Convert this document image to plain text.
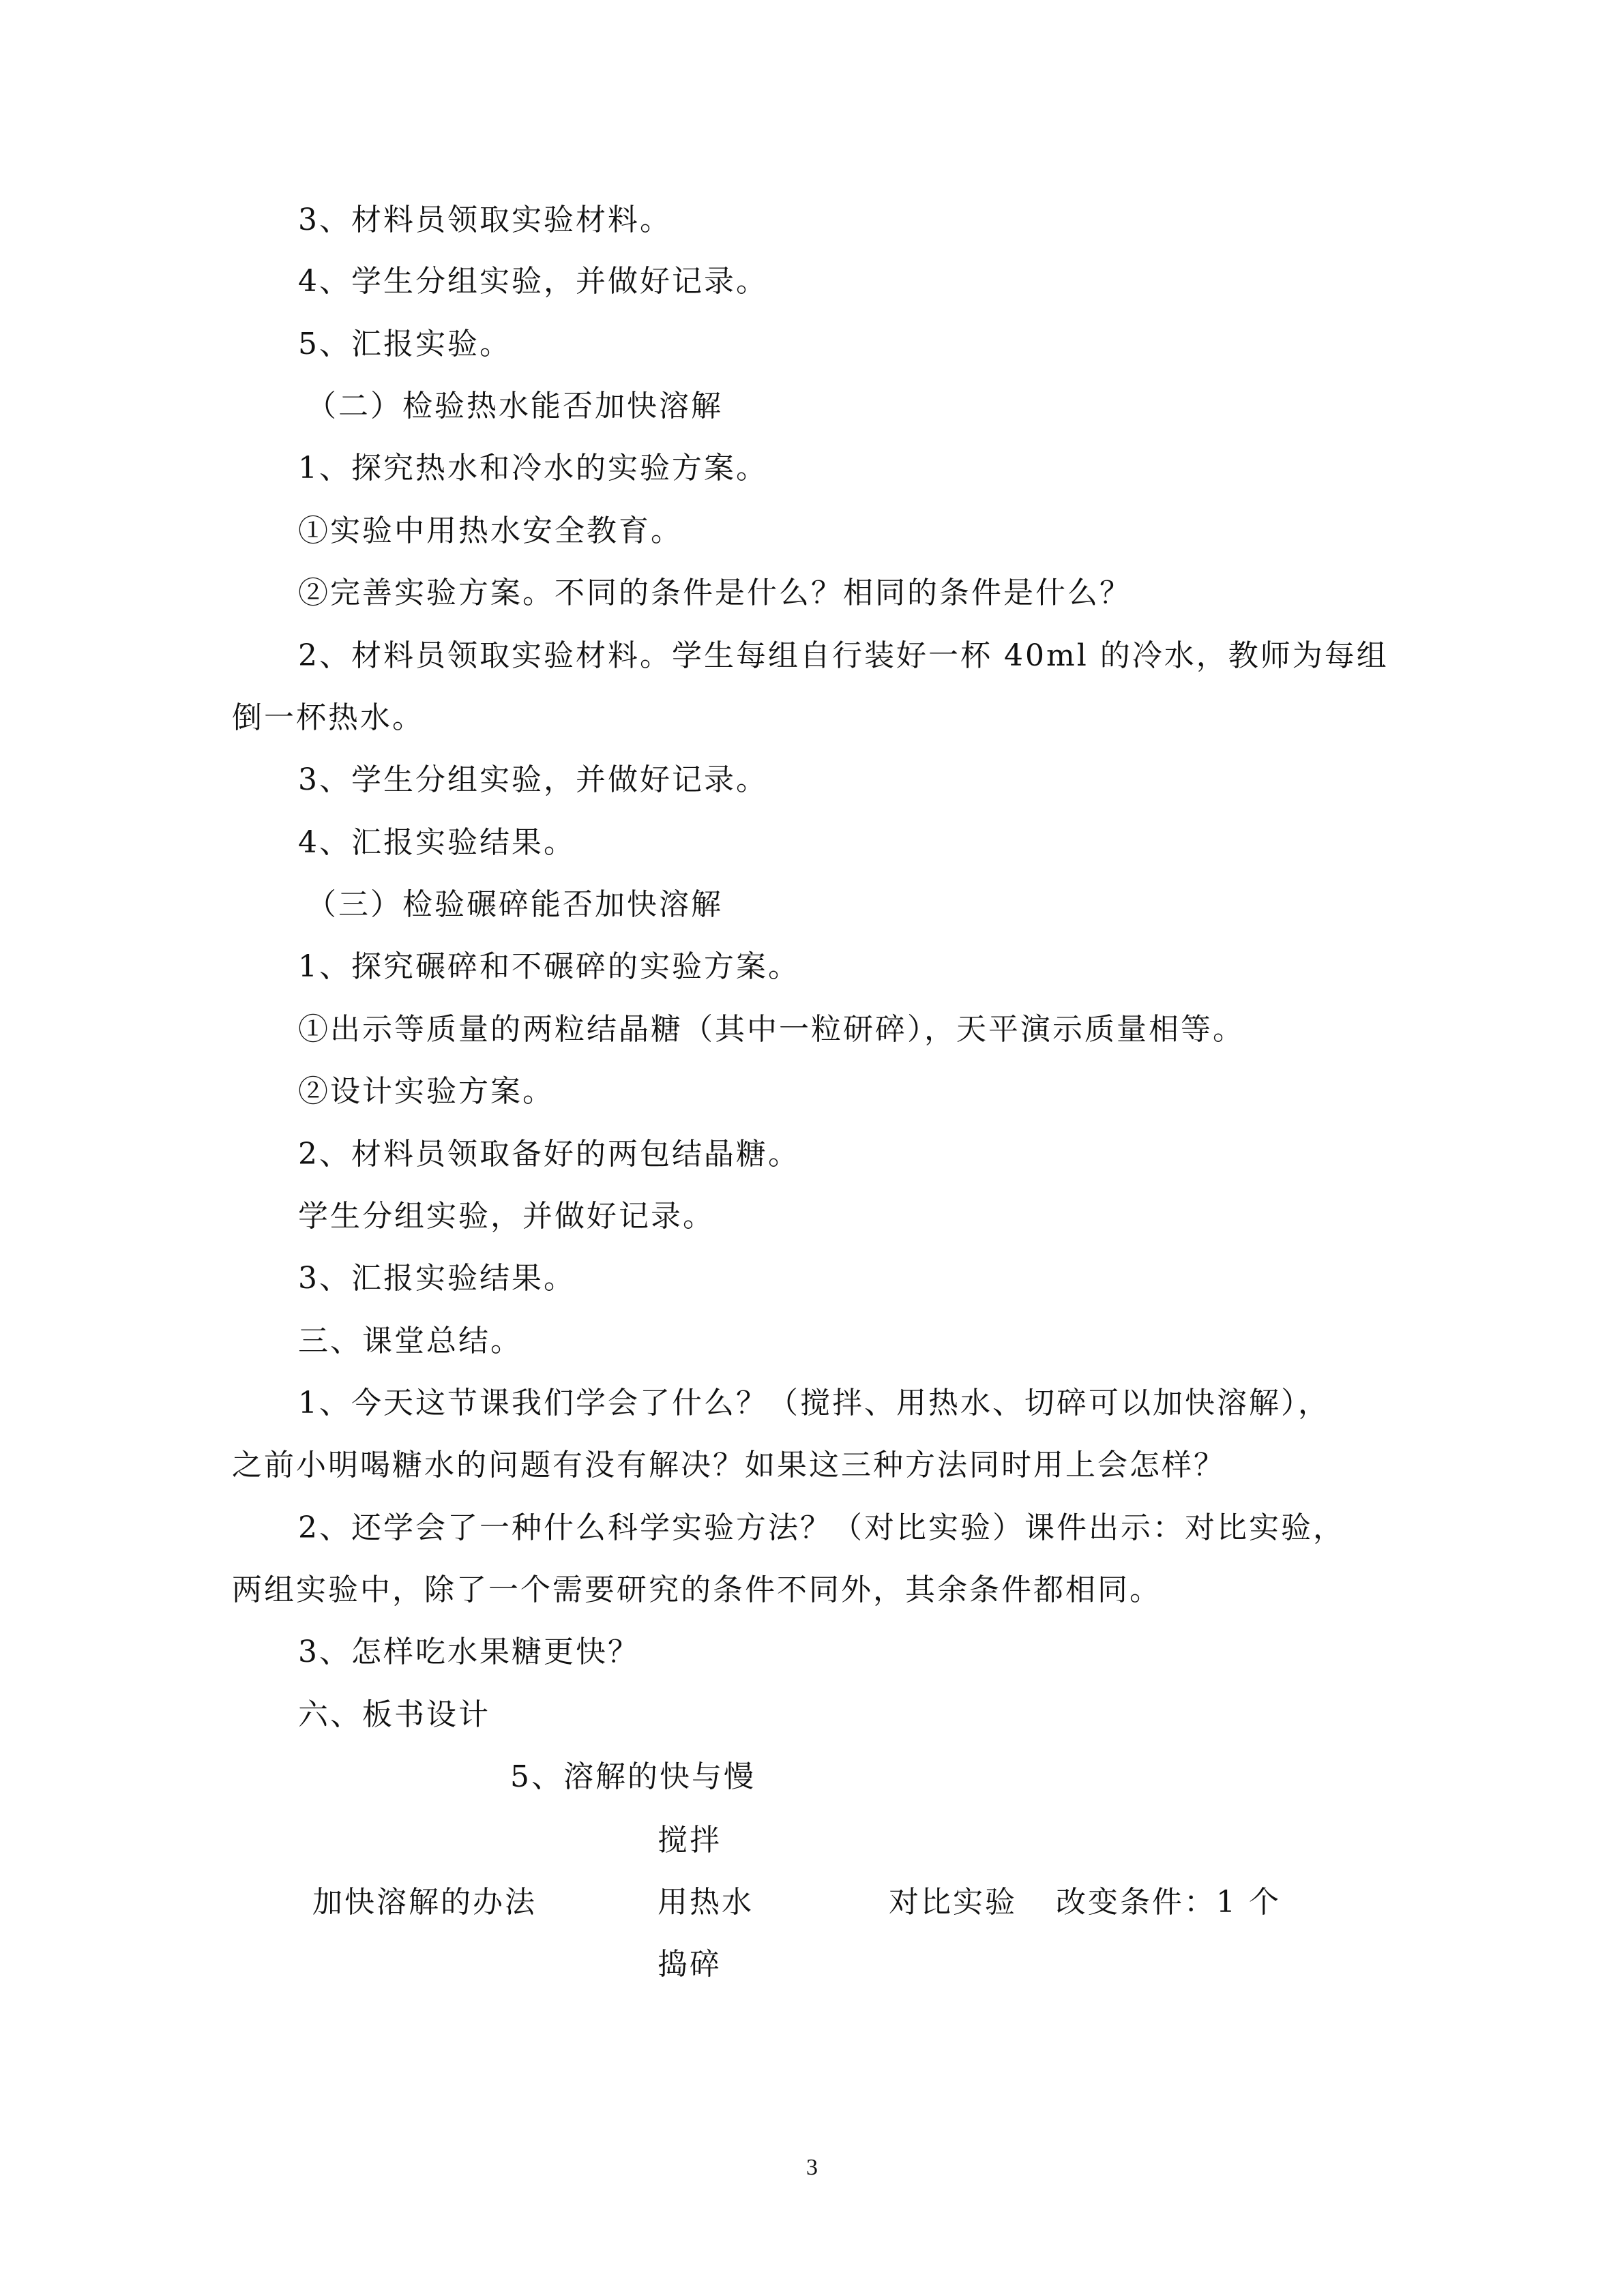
3、材料员领取实验材料。
4、学生分组实验，并做好记录。
5、汇报实验。
（二）检验热水能否加快溶解
1、探究热水和冷水的实验方案。
①实验中用热水安全教育。
②完善实验方案。不同的条件是什么？相同的条件是什么？
2、材料员领取实验材料。学生每组自行装好一杯 40ml 的冷水，教师为每组
倒一杯热水。
3、学生分组实验，并做好记录。
4、汇报实验结果。
（三）检验碾碎能否加快溶解
1、探究碾碎和不碾碎的实验方案。
①出示等质量的两粒结晶糖（其中一粒研碎），天平演示质量相等。
②设计实验方案。
2、材料员领取备好的两包结晶糖。
学生分组实验，并做好记录。
3、汇报实验结果。
三、课堂总结。
1、今天这节课我们学会了什么？（搅拌、用热水、切碎可以加快溶解），
之前小明喝糖水的问题有没有解决？如果这三种方法同时用上会怎样？
2、还学会了一种什么科学实验方法？（对比实验）课件出示：对比实验，
两组实验中，除了一个需要研究的条件不同外，其余条件都相同。
3、怎样吃水果糖更快？
六、板书设计
5、溶解的快与慢
搅拌
加快溶解的办法	用热水	对比实验 改变条件：1 个
捣碎
3
